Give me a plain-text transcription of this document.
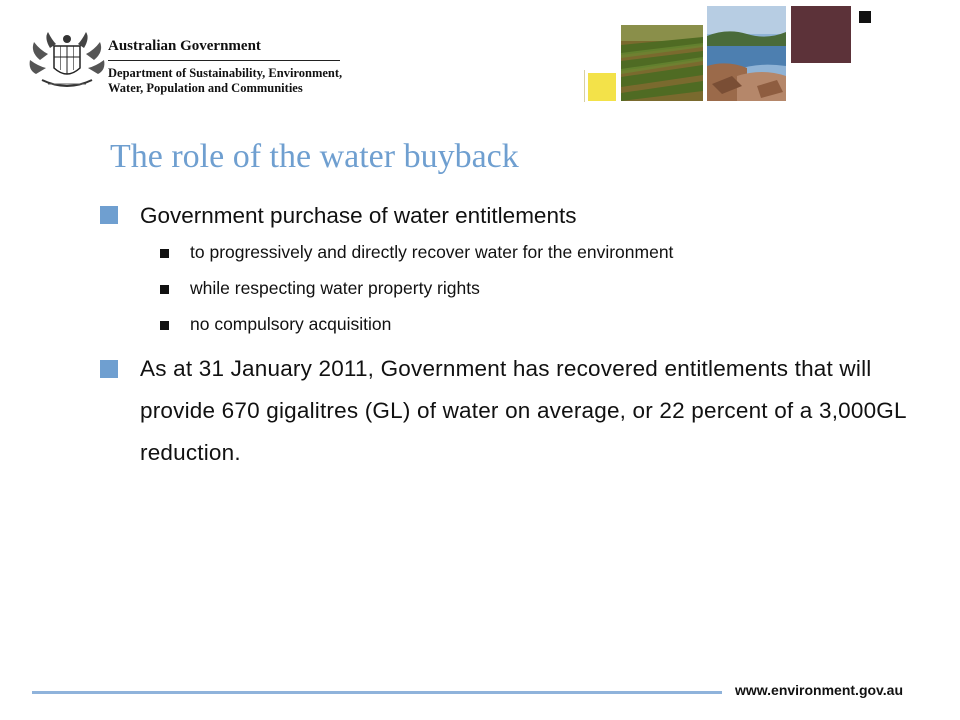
Australian Government
Department of Sustainability, Environment,
Water, Population and Communities
The role of the water buyback
Government purchase of water entitlements
to progressively and directly recover water for the environment
while respecting water property rights
no compulsory acquisition
As at 31 January 2011, Government has recovered entitlements that will provide 670 gigalitres (GL) of water on average, or 22 percent of a 3,000GL reduction.
www.environment.gov.au
